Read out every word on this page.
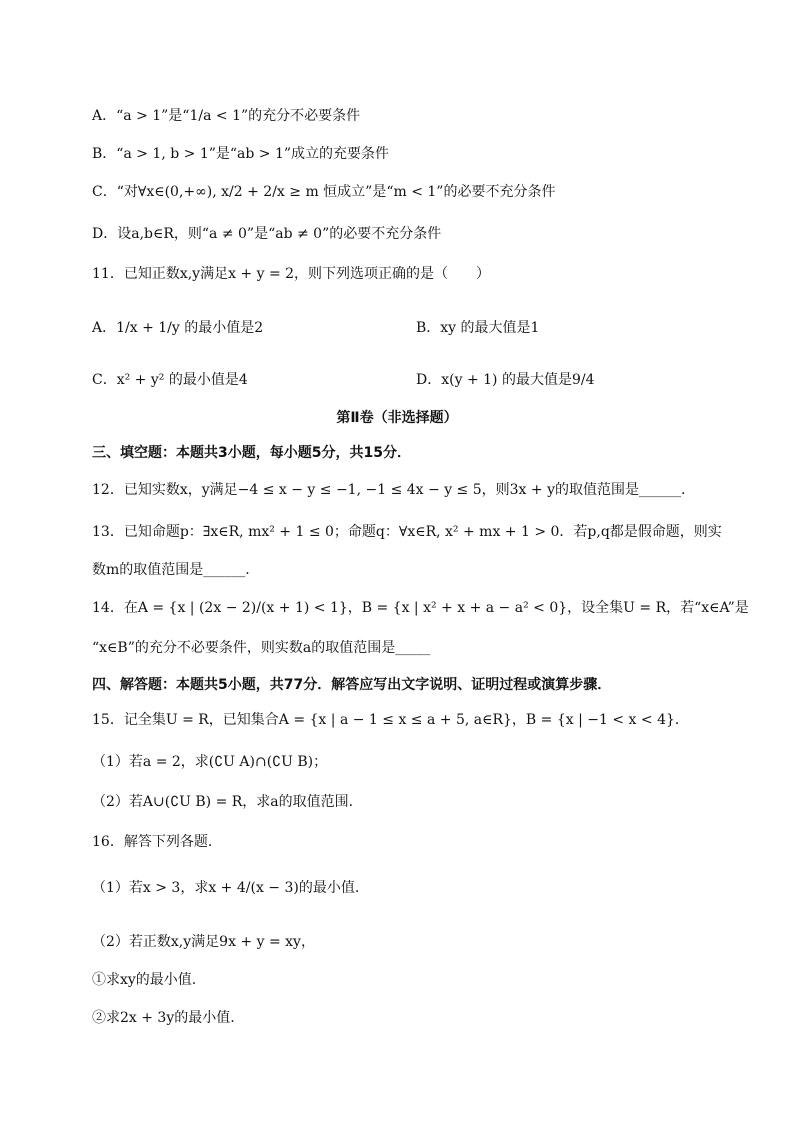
A．“a > 1”是“1/a < 1”的充分不必要条件
B．“a > 1, b > 1”是“ab > 1”成立的充要条件
C．“对∀x∈(0,+∞), x/2 + 2/x ≥ m 恒成立”是“m < 1”的必要不充分条件
D．设a,b∈R，则“a ≠ 0”是“ab ≠ 0”的必要不充分条件
11．已知正数x,y满足x + y = 2，则下列选项正确的是（　　）
A．1/x + 1/y 的最小值是2	B．xy 的最大值是1
C．x² + y² 的最小值是4	D．x(y + 1) 的最大值是9/4
第Ⅱ卷（非选择题）
三、填空题：本题共3小题，每小题5分，共15分．
12．已知实数x，y满足−4 ≤ x − y ≤ −1, −1 ≤ 4x − y ≤ 5，则3x + y的取值范围是______.
13．已知命题p：∃x∈R, mx² + 1 ≤ 0；命题q：∀x∈R, x² + mx + 1 > 0．若p,q都是假命题，则实
数m的取值范围是______.
14．在A = {x | (2x − 2)/(x + 1) < 1}，B = {x | x² + x + a − a² < 0}，设全集U = R，若“x∈A”是
“x∈B”的充分不必要条件，则实数a的取值范围是_____
四、解答题：本题共5小题，共77分．解答应写出文字说明、证明过程或演算步骤．
15．记全集U = R，已知集合A = {x | a − 1 ≤ x ≤ a + 5, a∈R}，B = {x | −1 < x < 4}．
（1）若a = 2，求(∁U A)∩(∁U B)；
（2）若A∪(∁U B) = R，求a的取值范围．
16．解答下列各题.
（1）若x > 3，求x + 4/(x − 3)的最小值.
（2）若正数x,y满足9x + y = xy，
①求xy的最小值.
②求2x + 3y的最小值.
